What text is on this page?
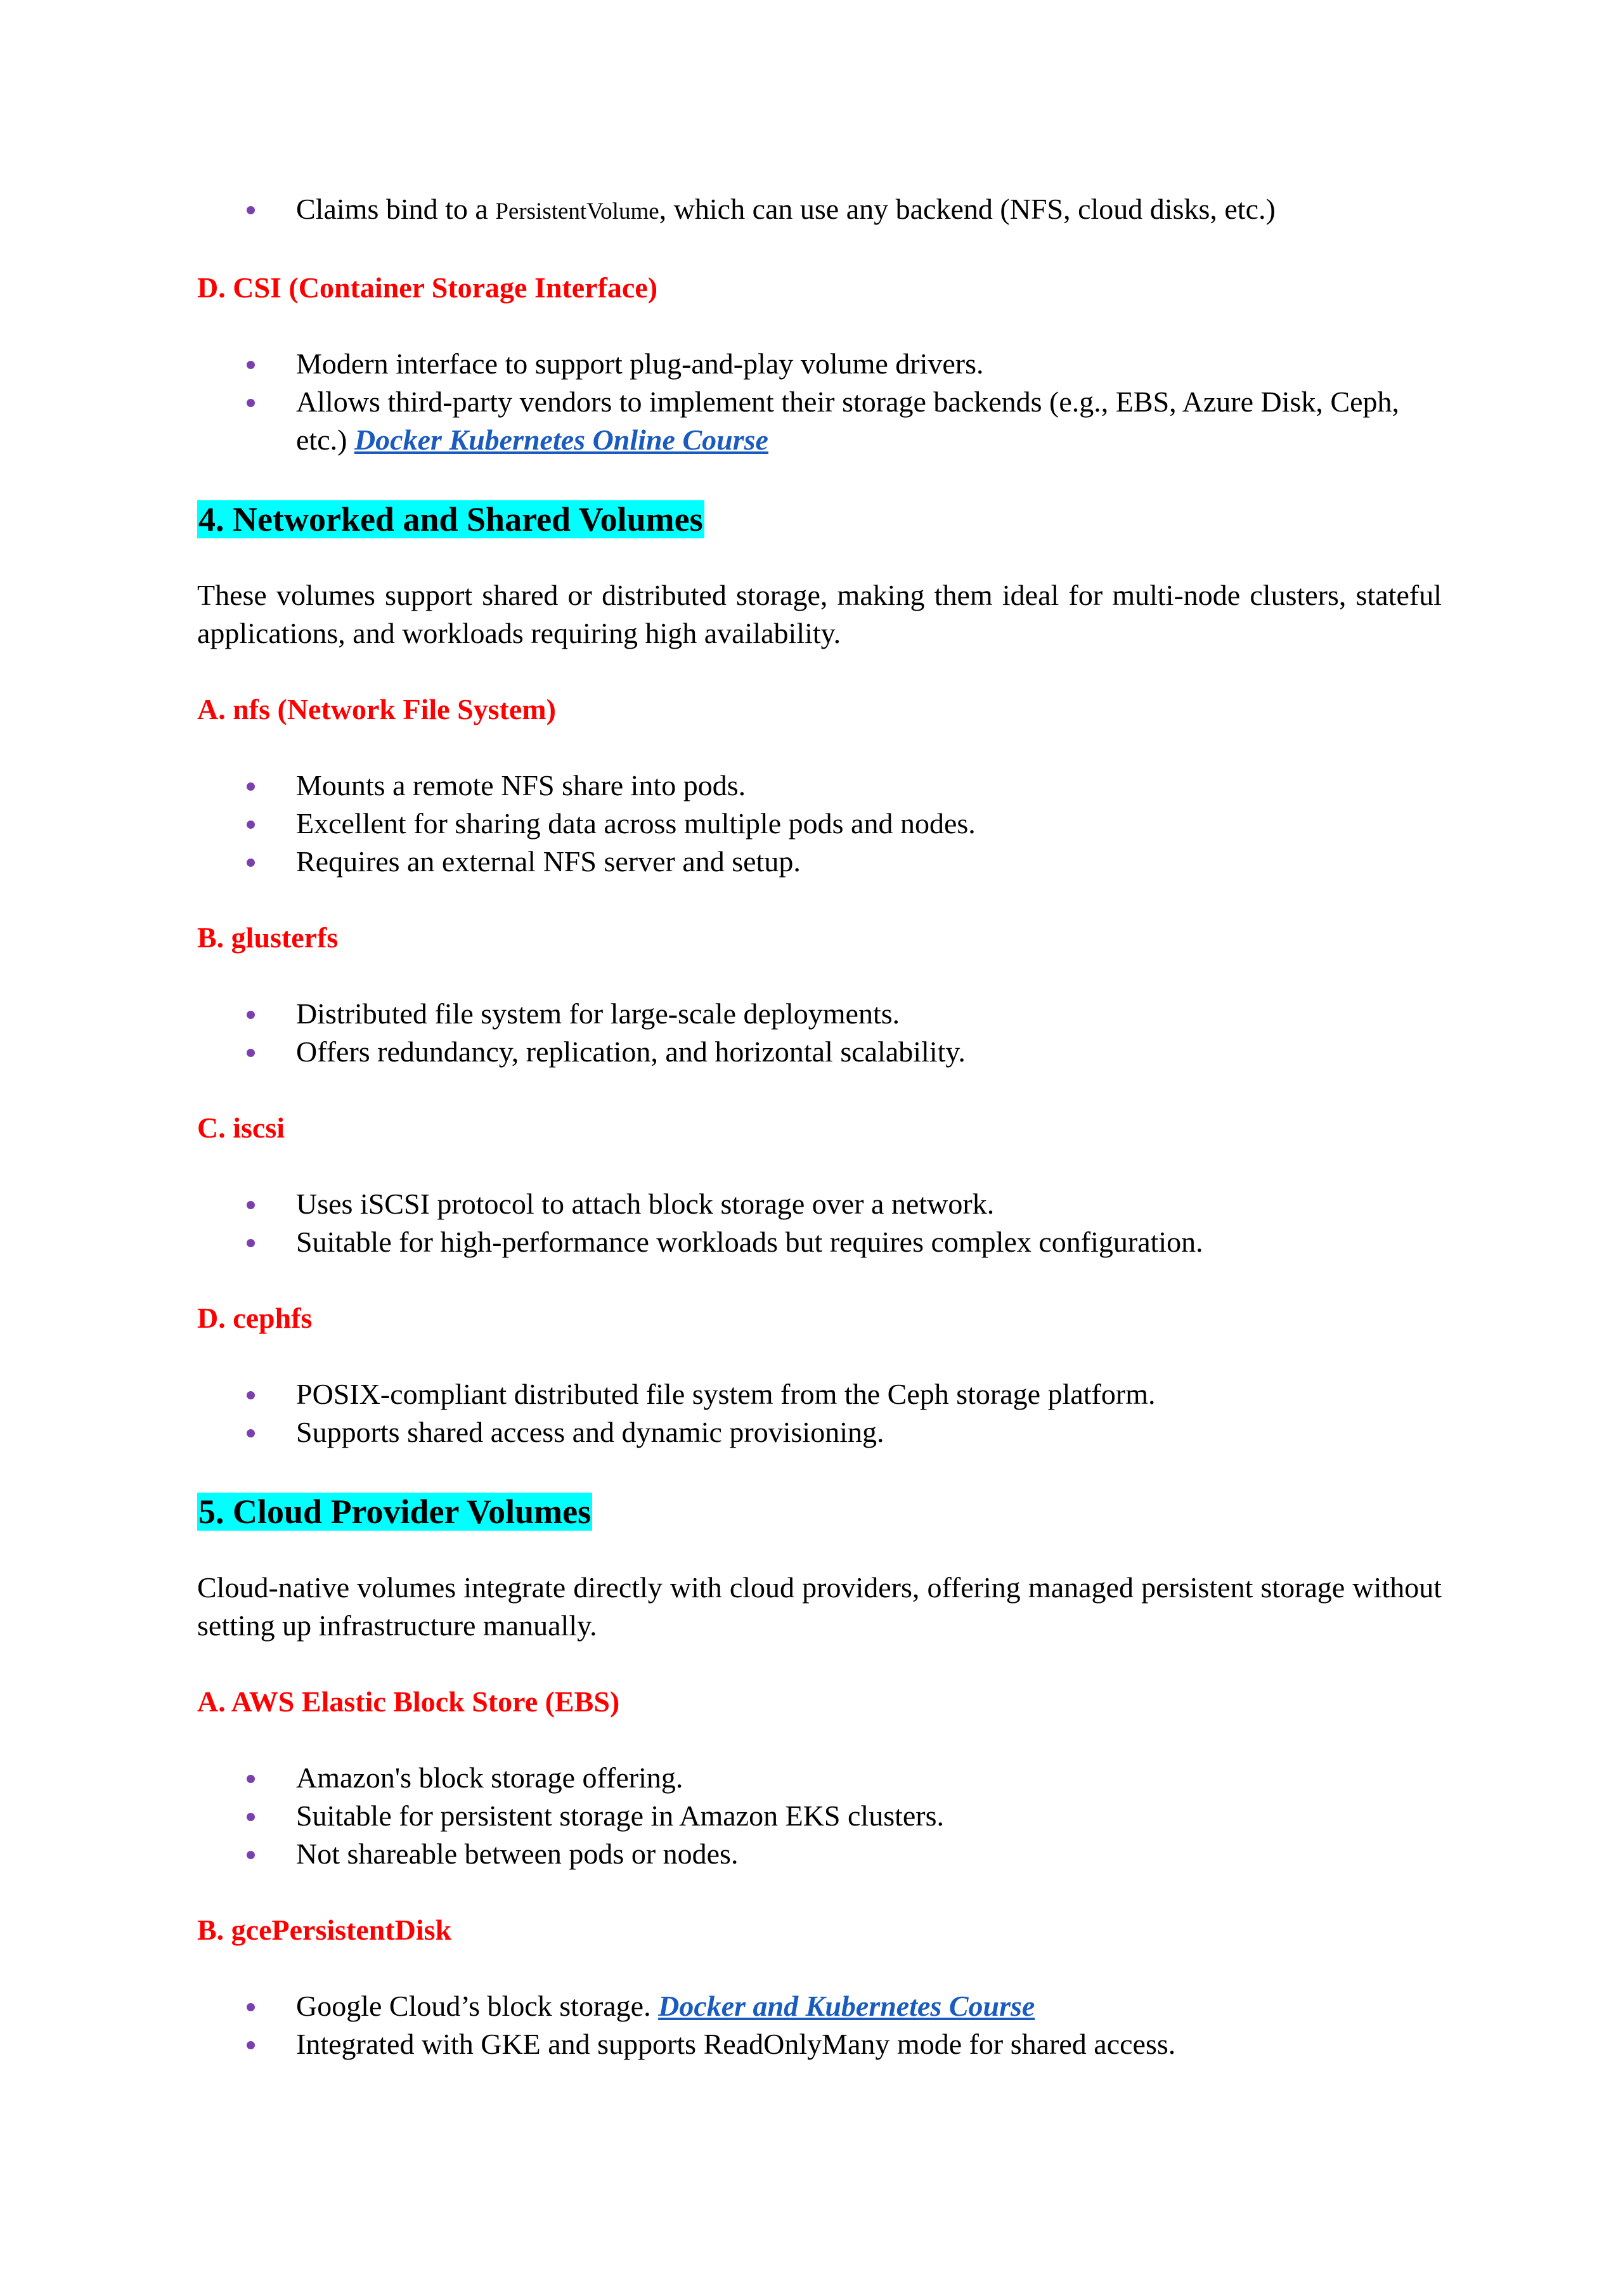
Claims bind to a PersistentVolume, which can use any backend (NFS, cloud disks, etc.)

D. CSI (Container Storage Interface)

Modern interface to support plug-and-play volume drivers.
Allows third-party vendors to implement their storage backends (e.g., EBS, Azure Disk, Ceph, etc.) Docker Kubernetes Online Course
4. Networked and Shared Volumes

These volumes support shared or distributed storage, making them ideal for multi-node clusters, stateful applications, and workloads requiring high availability.

A. nfs (Network File System)

Mounts a remote NFS share into pods.
Excellent for sharing data across multiple pods and nodes.
Requires an external NFS server and setup.

B. glusterfs

Distributed file system for large-scale deployments.
Offers redundancy, replication, and horizontal scalability.

C. iscsi

Uses iSCSI protocol to attach block storage over a network.
Suitable for high-performance workloads but requires complex configuration.

D. cephfs

POSIX-compliant distributed file system from the Ceph storage platform.
Supports shared access and dynamic provisioning.
5. Cloud Provider Volumes

Cloud-native volumes integrate directly with cloud providers, offering managed persistent storage without setting up infrastructure manually.

A. AWS Elastic Block Store (EBS)

Amazon's block storage offering.
Suitable for persistent storage in Amazon EKS clusters.
Not shareable between pods or nodes.

B. gcePersistentDisk

Google Cloud’s block storage. Docker and Kubernetes Course
Integrated with GKE and supports ReadOnlyMany mode for shared access.
